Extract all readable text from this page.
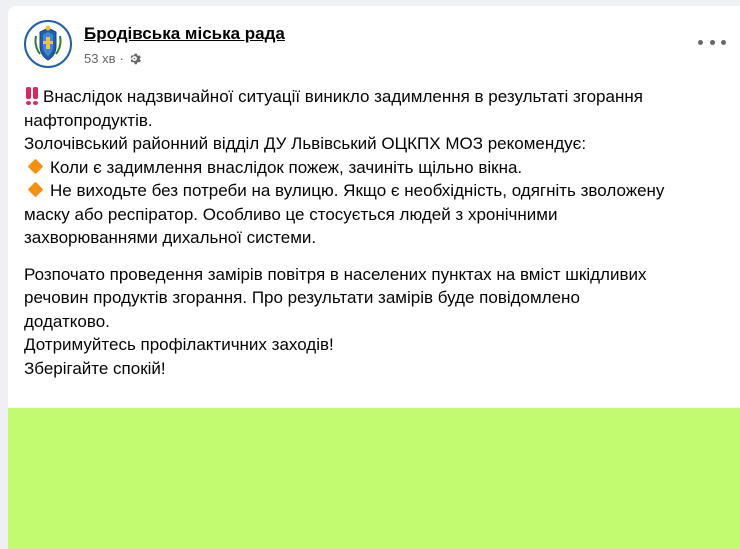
Бродівська міська рада
53 хв ·
Внаслідок надзвичайної ситуації виникло задимлення в результаті згорання
нафтопродуктів.
Золочівський районний відділ ДУ Львівський ОЦКПХ МОЗ рекомендує:
Коли є задимлення внаслідок пожеж, зачиніть щільно вікна.
Не виходьте без потреби на вулицю. Якщо є необхідність, одягніть зволожену
маску або респіратор. Особливо це стосується людей з хронічними
захворюваннями дихальної системи.
Розпочато проведення замірів повітря в населених пунктах на вміст шкідливих
речовин продуктів згорання. Про результати замірів буде повідомлено
додатково.
Дотримуйтесь профілактичних заходів!
Зберігайте спокій!
